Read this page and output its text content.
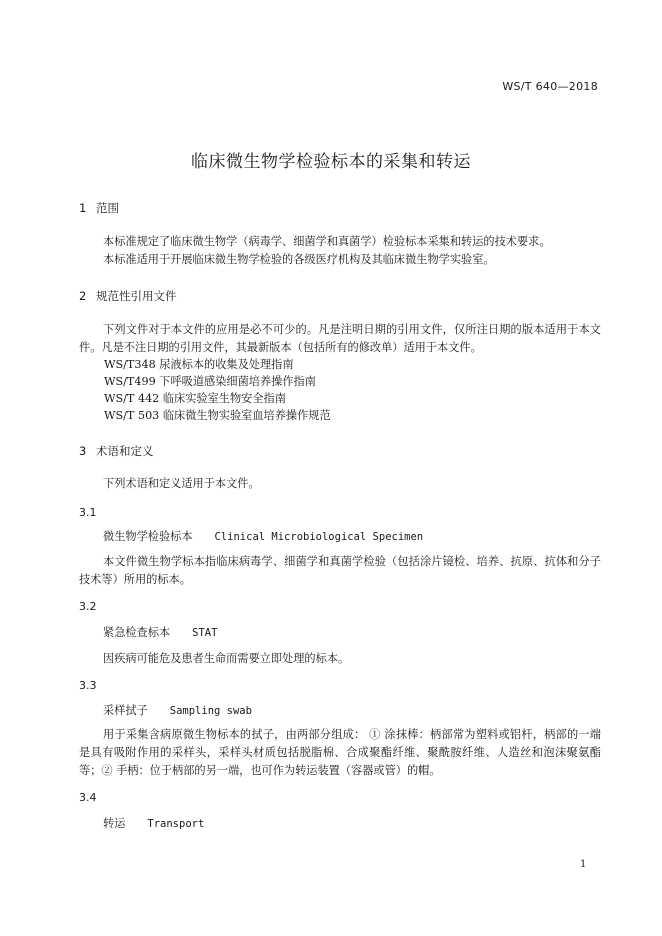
WS/T 640—2018
临床微生物学检验标本的采集和转运
1 范围
本标准规定了临床微生物学（病毒学、细菌学和真菌学）检验标本采集和转运的技术要求。
本标准适用于开展临床微生物学检验的各级医疗机构及其临床微生物学实验室。
2 规范性引用文件
下列文件对于本文件的应用是必不可少的。凡是注明日期的引用文件，仅所注日期的版本适用于本文件。凡是不注日期的引用文件，其最新版本（包括所有的修改单）适用于本文件。
WS/T348 尿液标本的收集及处理指南
WS/T499 下呼吸道感染细菌培养操作指南
WS/T 442 临床实验室生物安全指南
WS/T 503 临床微生物实验室血培养操作规范
3 术语和定义
下列术语和定义适用于本文件。
3.1
微生物学检验标本 Clinical Microbiological Specimen
本文件微生物学标本指临床病毒学、细菌学和真菌学检验（包括涂片镜检、培养、抗原、抗体和分子技术等）所用的标本。
3.2
紧急检查标本 STAT
因疾病可能危及患者生命而需要立即处理的标本。
3.3
采样拭子 Sampling swab
用于采集含病原微生物标本的拭子，由两部分组成： ① 涂抹棒：柄部常为塑料或铝杆，柄部的一端是具有吸附作用的采样头，采样头材质包括脱脂棉、合成聚酯纤维、聚酰胺纤维、人造丝和泡沫聚氨酯等；② 手柄：位于柄部的另一端，也可作为转运装置（容器或管）的帽。
3.4
转运 Transport
1
